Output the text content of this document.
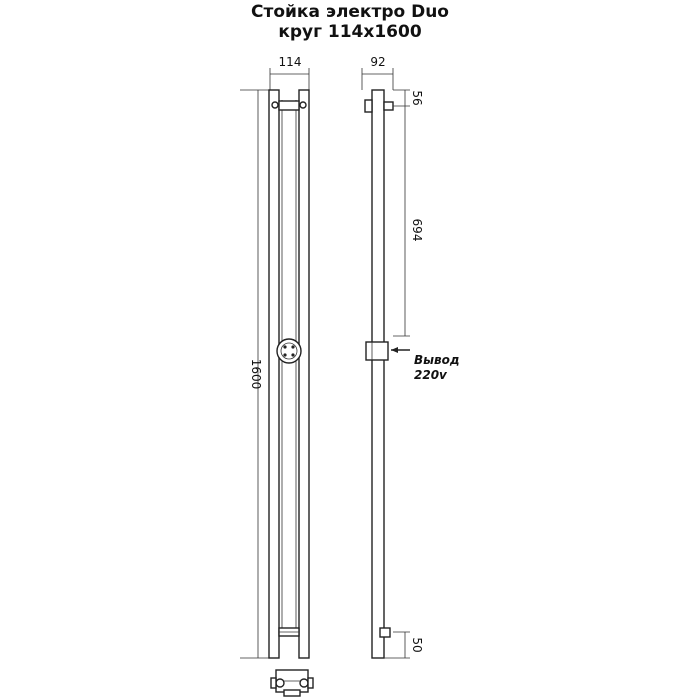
Стойка электро Duo
круг 114x1600
114
1600
92
56
694
Вывод
220v
50
